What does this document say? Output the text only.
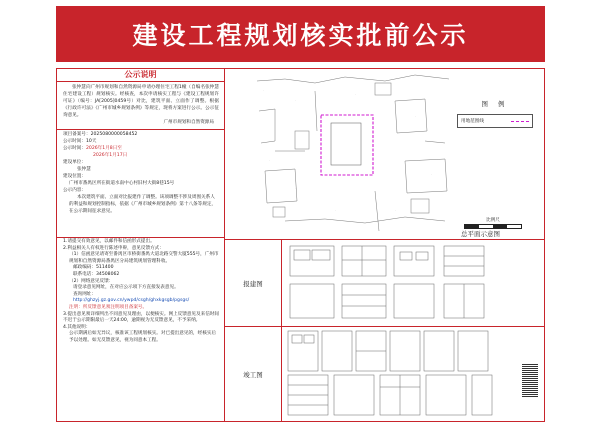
建设工程规划核实批前公示
公示说明
张仲慧向广州市规划和自然资源局申请办理住宅工程1幢（自编名张仲慧住宅建设工程）规划核实。经核查，本次申请核实工程与《建设工程规划许可证》（编号：JA[2005]0459号）对比，建筑平面、立面作了调整。根据《行政许可法》《广州市城乡规划条例》等规定，现将方案进行公示。公示征询意见。
广州市规划和自然资源局
项目备案号：2025080000058452
公示时间：10天
公示时间：2026年1月8日至
2026年1月17日
建设单位：
张仲慧
建设位置：
广州市番禺区所在街道水南中心村旧村大街8巷15号
公示内容：
本次建筑平面、立面对比报建作了调整。该项调整不涉及周围关系人的利益和规划控制指标，依据《广州市城乡规划条例》第十八条等规定，在公示期间征求意见。
1.请提交有效意见，以邮件和信函形式提出。
2.利益相关人有权进行陈述申辩，意见反馈方式：
（1）信函意见请寄至番禺区市桥街番禺大道北路交警大厦555号，广州市规划和自然资源局番禺区分局建筑规划管理科收。
邮政编码：511400
联系电话：34508062
（2）网络意见反馈：
请登录意见网址，在对应公示项下方直接发表意见。
查询网址：
http://ghzyj.gz.gov.cn/ywpd/csgh/ghxkgsgb/pgsgs/
注明：所反馈意见须注明项目备案号。
3.提出意见须详细列出不同意见及理由，以便核实。网上反馈意见及来信时间不迟于公示期限最后一天24:00，逾期视为无反馈意见，不予采纳。
4.其他说明：
公示期满后如无异议，核准该工程规划核实。对已提出意见的，经核实后予以处理。如无反馈意见，视为同意本工程。
·
·
·
·
·
·
·
·
·
图 例
用地范围线
比例尺
总平面示意图
报建图
竣工图
